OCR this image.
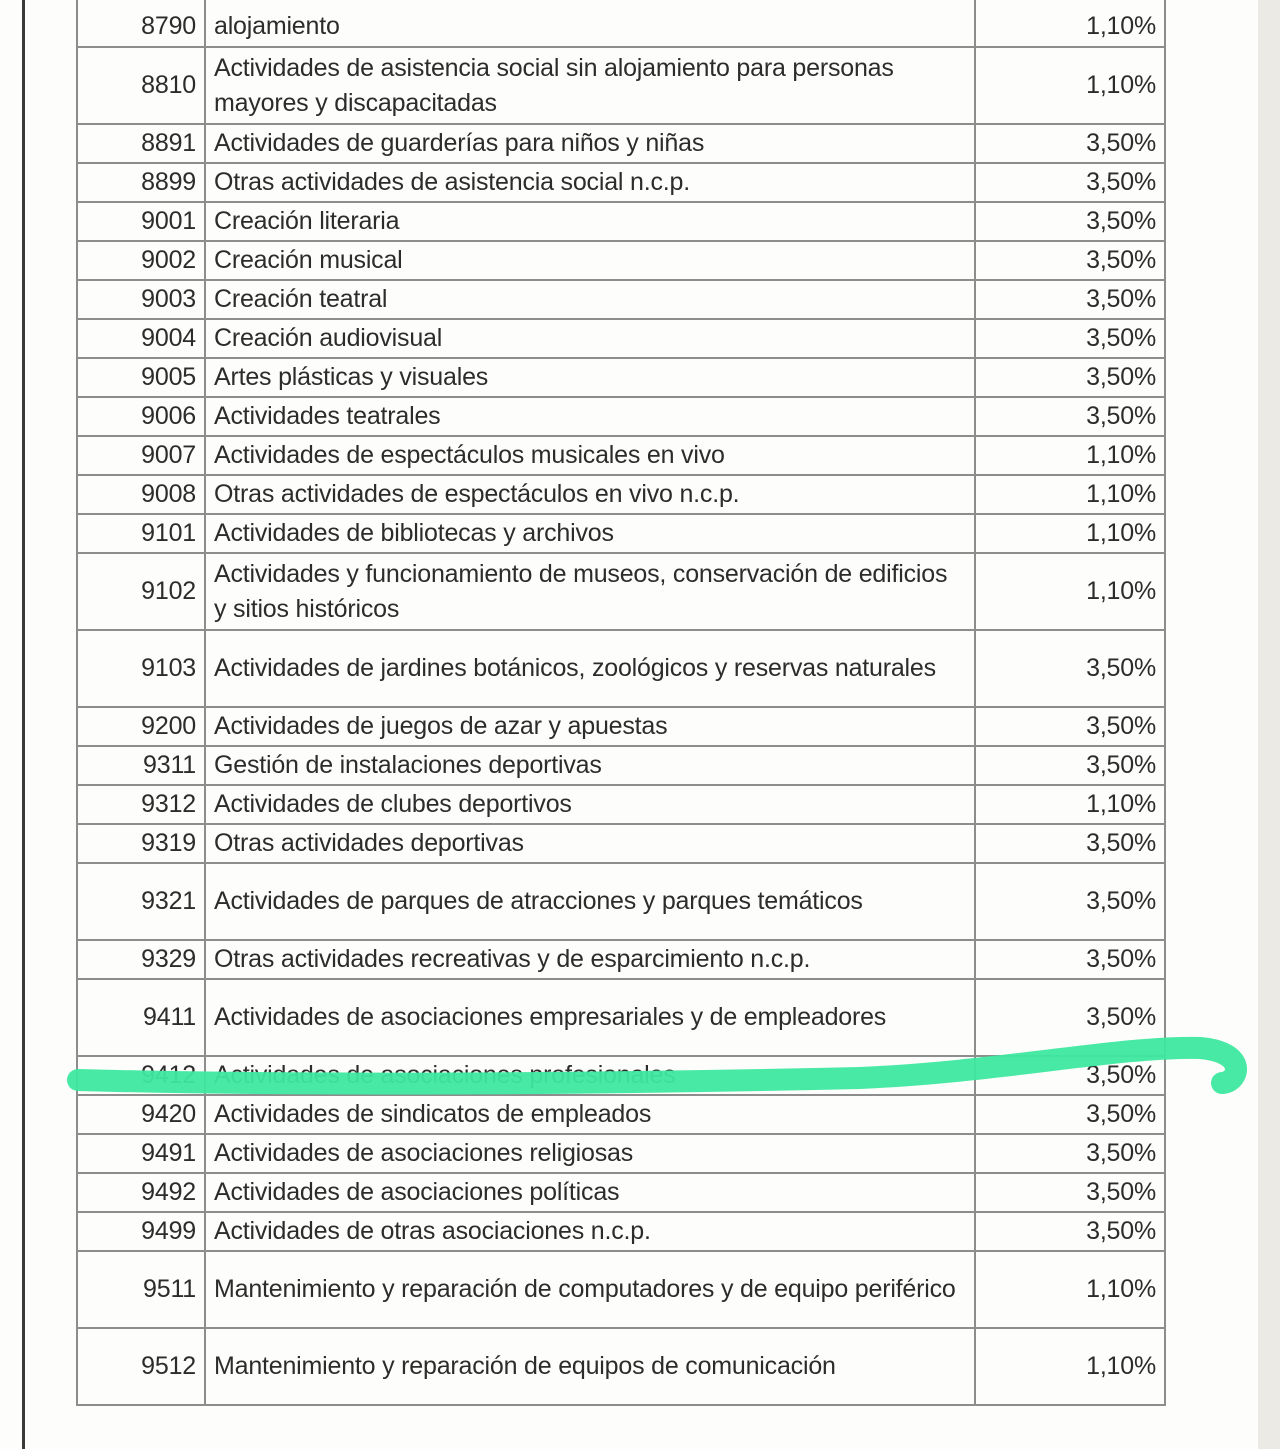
8790	alojamiento	1,10%
8810	Actividades de asistencia social sin alojamiento para personas mayores y discapacitadas	1,10%
8891	Actividades de guarderías para niños y niñas	3,50%
8899	Otras actividades de asistencia social n.c.p.	3,50%
9001	Creación literaria	3,50%
9002	Creación musical	3,50%
9003	Creación teatral	3,50%
9004	Creación audiovisual	3,50%
9005	Artes plásticas y visuales	3,50%
9006	Actividades teatrales	3,50%
9007	Actividades de espectáculos musicales en vivo	1,10%
9008	Otras actividades de espectáculos en vivo n.c.p.	1,10%
9101	Actividades de bibliotecas y archivos	1,10%
9102	Actividades y funcionamiento de museos, conservación de edificios y sitios históricos	1,10%
9103	Actividades de jardines botánicos, zoológicos y reservas naturales	3,50%
9200	Actividades de juegos de azar y apuestas	3,50%
9311	Gestión de instalaciones deportivas	3,50%
9312	Actividades de clubes deportivos	1,10%
9319	Otras actividades deportivas	3,50%
9321	Actividades de parques de atracciones y parques temáticos	3,50%
9329	Otras actividades recreativas y de esparcimiento n.c.p.	3,50%
9411	Actividades de asociaciones empresariales y de empleadores	3,50%
9412	Actividades de asociaciones profesionales	3,50%
9420	Actividades de sindicatos de empleados	3,50%
9491	Actividades de asociaciones religiosas	3,50%
9492	Actividades de asociaciones políticas	3,50%
9499	Actividades de otras asociaciones n.c.p.	3,50%
9511	Mantenimiento y reparación de computadores y de equipo periférico	1,10%
9512	Mantenimiento y reparación de equipos de comunicación	1,10%
